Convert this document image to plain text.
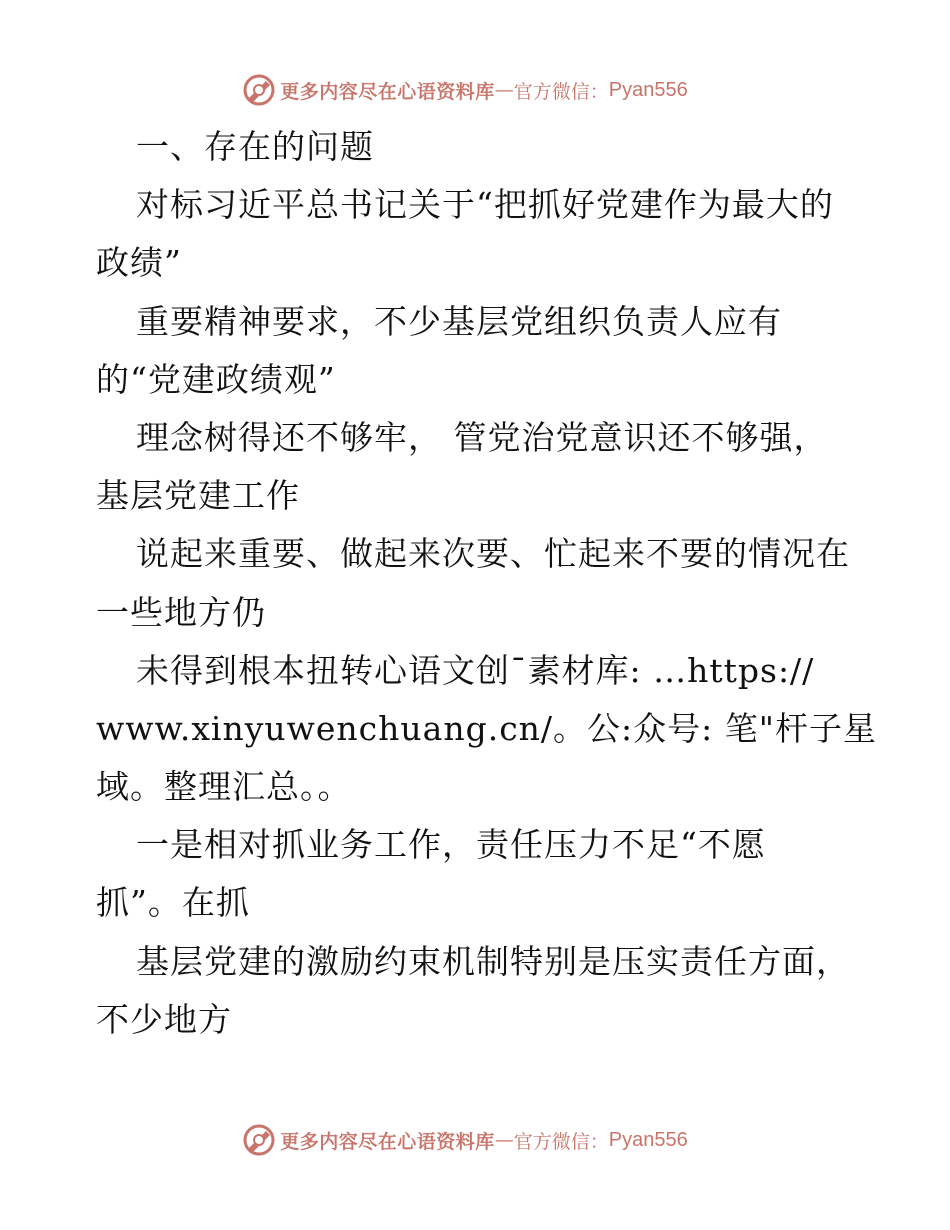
更多内容尽在心语资料库 — 官方微信： Pyan556
一、存在的问题
对标习近平总书记关于“把抓好党建作为最大的
政绩”
重要精神要求，不少基层党组织负责人应有
的“党建政绩观”
理念树得还不够牢， 管党治党意识还不够强，
基层党建工作
说起来重要、做起来次要、忙起来不要的情况在
一些地方仍
未得到根本扭转心语文创¯素材库: …https://
www.xinyuwenchuang.cn/。公:众号: 笔"杆子星
域。整理汇总。。
一是相对抓业务工作，责任压力不足“不愿
抓”。在抓
基层党建的激励约束机制特别是压实责任方面，
不少地方
更多内容尽在心语资料库 — 官方微信： Pyan556
